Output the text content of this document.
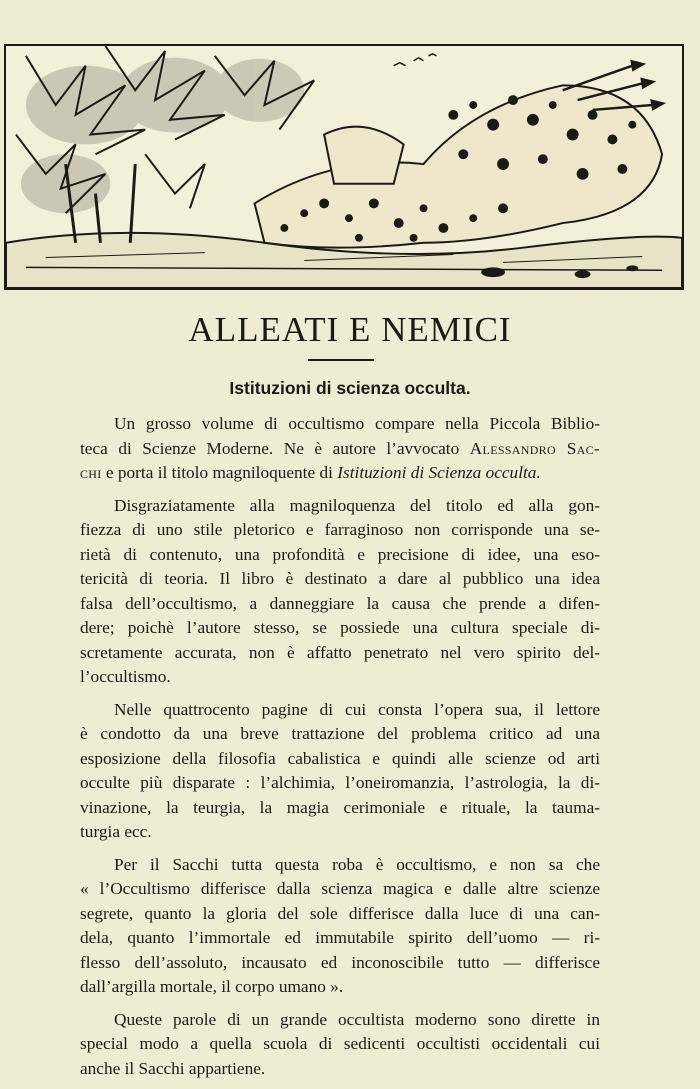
ALLEATI E NEMICI
Istituzioni di scienza occulta.
Un grosso volume di occultismo compare nella Piccola Biblio-
teca di Scienze Moderne. Ne è autore l’avvocato Alessandro Sac-
chi e porta il titolo magniloquente di Istituzioni di Scienza occulta.
Disgraziatamente alla magniloquenza del titolo ed alla gon-
fiezza di uno stile pletorico e farraginoso non corrisponde una se-
rietà di contenuto, una profondità e precisione di idee, una eso-
tericità di teoria. Il libro è destinato a dare al pubblico una idea
falsa dell’occultismo, a danneggiare la causa che prende a difen-
dere; poichè l’autore stesso, se possiede una cultura speciale di-
scretamente accurata, non è affatto penetrato nel vero spirito del-
l’occultismo.
Nelle quattrocento pagine di cui consta l’opera sua, il lettore
è condotto da una breve trattazione del problema critico ad una
esposizione della filosofia cabalistica e quindi alle scienze od arti
occulte più disparate : l’alchimia, l’oneiromanzia, l’astrologia, la di-
vinazione, la teurgia, la magia cerimoniale e rituale, la tauma-
turgia ecc.
Per il Sacchi tutta questa roba è occultismo, e non sa che
« l’Occultismo differisce dalla scienza magica e dalle altre scienze
segrete, quanto la gloria del sole differisce dalla luce di una can-
dela, quanto l’immortale ed immutabile spirito dell’uomo — ri-
flesso dell’assoluto, incausato ed inconoscibile tutto — differisce
dall’argilla mortale, il corpo umano ».
Queste parole di un grande occultista moderno sono dirette in
special modo a quella scuola di sedicenti occultisti occidentali cui
anche il Sacchi appartiene.
